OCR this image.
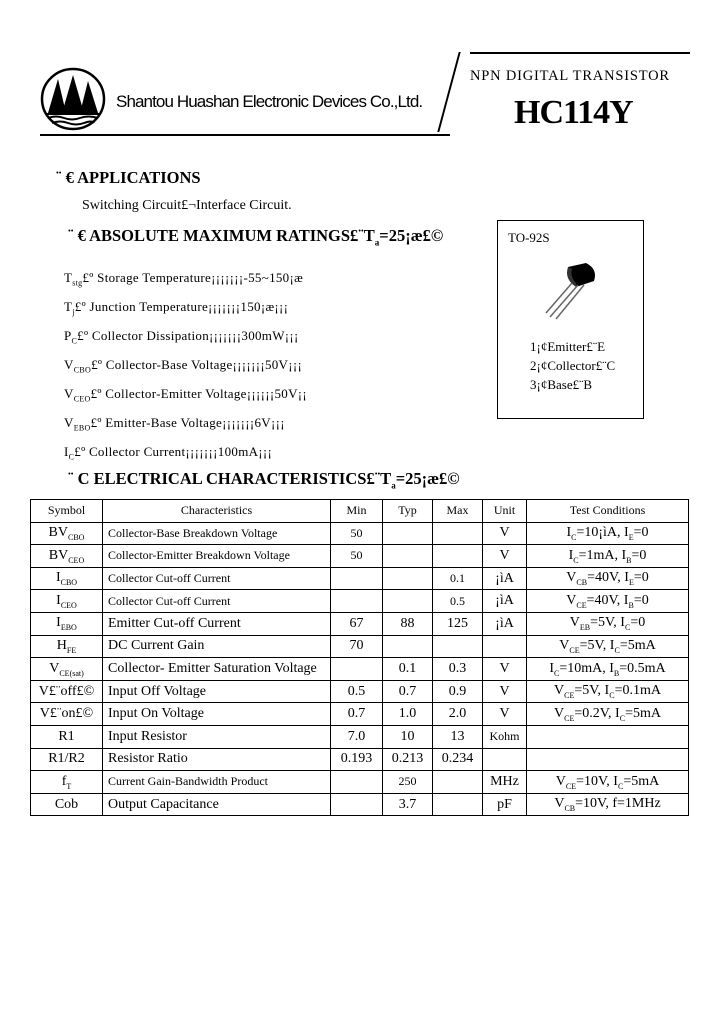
Shantou Huashan Electronic Devices Co.,Ltd.
NPN DIGITAL TRANSISTOR
HC114Y
¨ € APPLICATIONS
Switching Circuit£¬Interface Circuit.
¨ € ABSOLUTE MAXIMUM $RATINGS£¨T_a=25¡æ£©$
$T_{stg}£º$ Storage Temperature¡¡¡¡¡¡¡-55~150¡æ
$T_j£º$ Junction Temperature¡¡¡¡¡¡¡150¡æ¡¡¡
$P_C£º$ Collector Dissipation¡¡¡¡¡¡¡300mW¡¡¡
$V_{CBO}£º$ Collector-Base Voltage¡¡¡¡¡¡¡50V¡¡¡
$V_{CEO}£º$ Collector-Emitter Voltage¡¡¡¡¡¡50V¡¡
$V_{EBO}£º$ Emitter-Base Voltage¡¡¡¡¡¡¡6V¡¡¡
$I_C£º$ Collector Current¡¡¡¡¡¡¡100mA¡¡¡
TO-92S
1¡¢Emitter£¨E
2¡¢Collector£¨C
3¡¢Base£¨B
¨ C ELECTRICAL $CHARACTERISTICS£¨T_a=25¡æ£©$
Symbol	Characteristics	Min	Typ	Max	Unit	Test Conditions
$BV_{CBO}$	Collector-Base Breakdown Voltage	50			V	$I_C=10¡ìA$, $I_E=0$
$BV_{CEO}$	Collector-Emitter Breakdown Voltage	50			V	$I_C=1mA$, $I_B=0$
$I_{CBO}$	Collector Cut-off Current			0.1	¡ìA	$V_{CB}=40V$, $I_E=0$
$I_{CEO}$	Collector Cut-off Current			0.5	¡ìA	$V_{CE}=40V$, $I_B=0$
$I_{EBO}$	Emitter Cut-off Current	67	88	125	¡ìA	$V_{EB}=5V$, $I_C=0$
$H_{FE}$	DC Current Gain	70				$V_{CE}=5V$, $I_C=5mA$
$V_{CE(sat)}$	Collector- Emitter Saturation Voltage		0.1	0.3	V	$I_C=10mA$, $I_B=0.5mA$
V£¨off£©	Input Off Voltage	0.5	0.7	0.9	V	$V_{CE}=5V$, $I_C=0.1mA$
V£¨on£©	Input On Voltage	0.7	1.0	2.0	V	$V_{CE}=0.2V$, $I_C=5mA$
R1	Input Resistor	7.0	10	13	Kohm	
R1/R2	Resistor Ratio	0.193	0.213	0.234		
$f_T$	Current Gain-Bandwidth Product		250		MHz	$V_{CE}=10V$, $I_C=5mA$
Cob	Output Capacitance		3.7		pF	$V_{CB}=10V$, f=1MHz
